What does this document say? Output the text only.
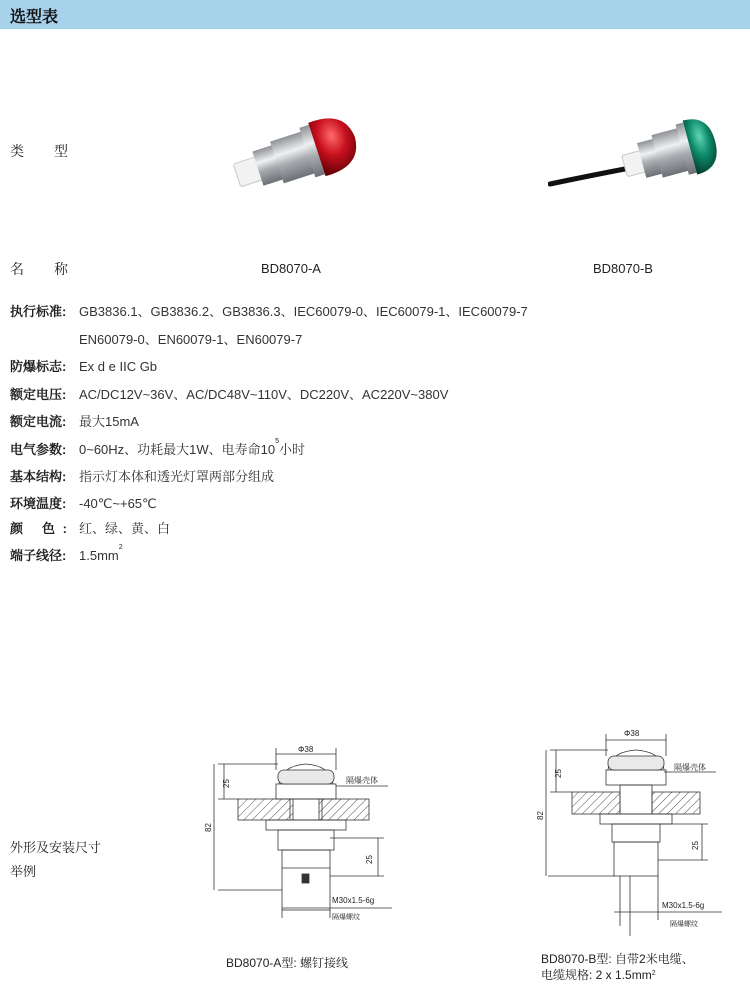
选型表
类 型
名 称	BD8070-A	BD8070-B
执行标准: GB3836.1、GB3836.2、GB3836.3、IEC60079-0、IEC60079-1、IEC60079-7
EN60079-0、EN60079-1、EN60079-7
防爆标志: Ex d e IIC Gb
额定电压: AC/DC12V~36V、AC/DC48V~110V、DC220V、AC220V~380V
额定电流: 最大15mA
电气参数: 0~60Hz、功耗最大1W、电寿命$10^5$小时
基本结构: 指示灯本体和透光灯罩两部分组成
环境温度: -40℃~+65℃
颜 色: 红、绿、黄、白
端子线径: $1.5mm^2$
外形及安装尺寸
举例
Φ38
25
82
25
隔爆壳体
M30x1.5-6g
隔爆螺纹
Φ38
25
82
25
隔爆壳体
M30x1.5-6g
隔爆螺纹
BD8070-A型: 螺钉接线	BD8070-B型: 自带2米电缆、
电缆规格: 2 x $1.5mm^2$
